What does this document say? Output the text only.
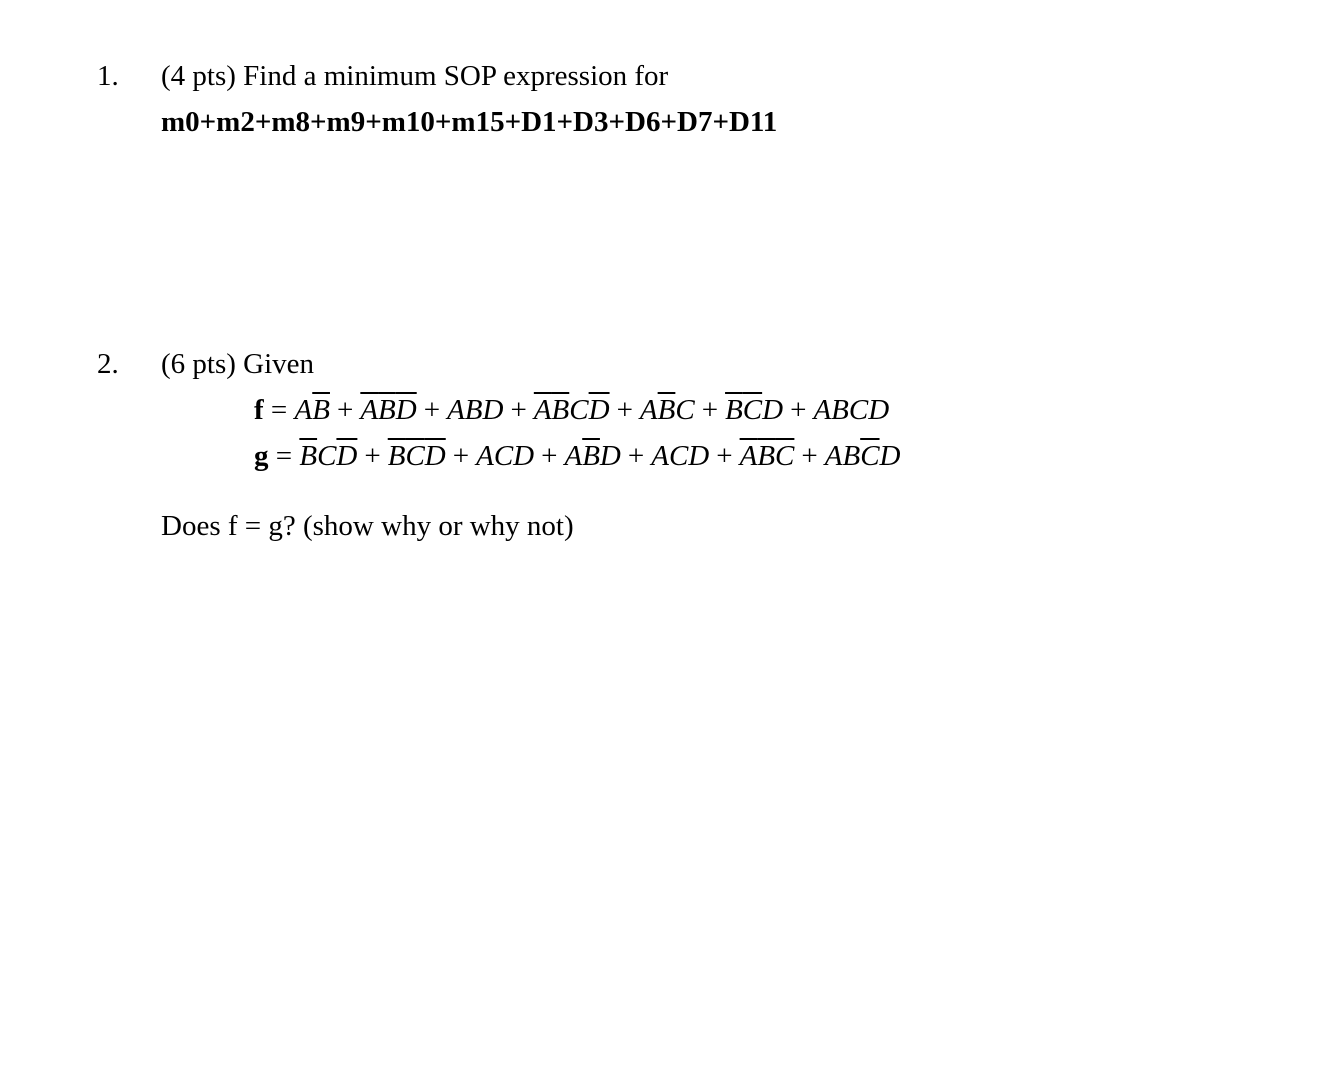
1. (4 pts) Find a minimum SOP expression for
m0+m2+m8+m9+m10+m15+D1+D3+D6+D7+D11
2. (6 pts) Given
$f = A\overline{B} + \overline{A}\overline{B}\overline{D}$ + ABD + $\overline{A}\overline{B}C\overline{D} + A\overline{B}C + \overline{B}\overline{C}D$ + ABCD
$g = \overline{B}C\overline{D} + \overline{B}\overline{C}\overline{D}$ + ACD + $A\overline{B}D$ + ACD + $\overline{A}\overline{B}\overline{C} + AB\overline{C}D$
Does f = g? (show why or why not)
